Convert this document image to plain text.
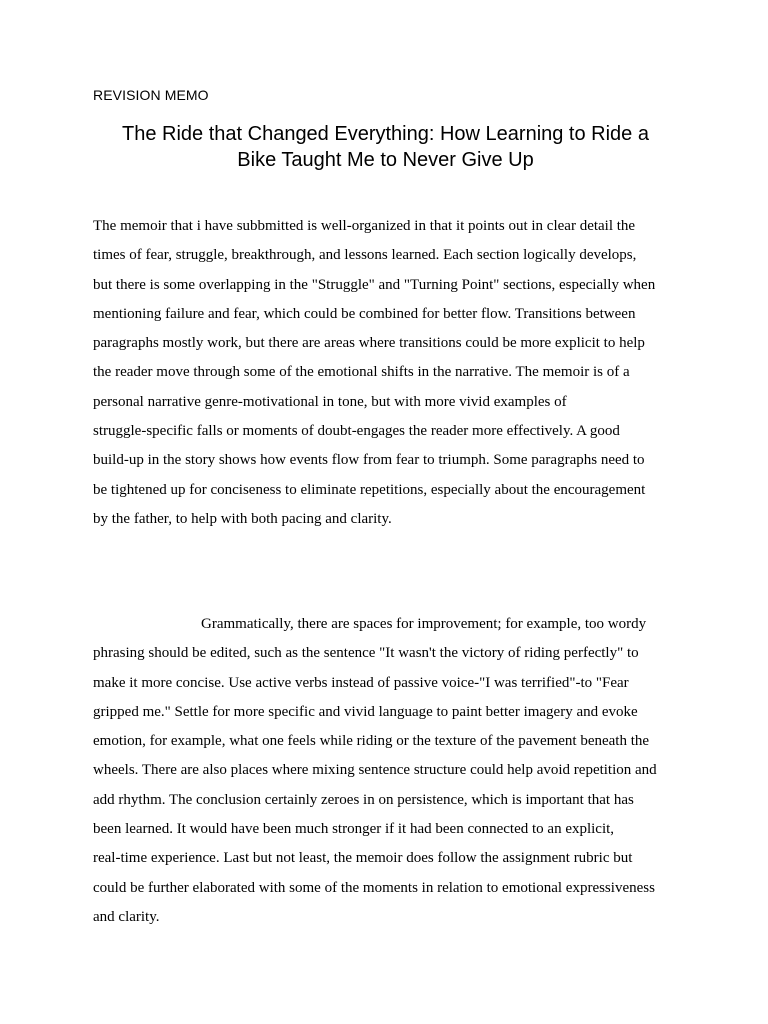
REVISION MEMO
The Ride that Changed Everything: How Learning to Ride a
Bike Taught Me to Never Give Up

The memoir that i have subbmitted is well-organized in that it points out in clear detail the
times of fear, struggle, breakthrough, and lessons learned. Each section logically develops,
but there is some overlapping in the "Struggle" and "Turning Point" sections, especially when
mentioning failure and fear, which could be combined for better flow. Transitions between
paragraphs mostly work, but there are areas where transitions could be more explicit to help
the reader move through some of the emotional shifts in the narrative. The memoir is of a
personal narrative genre-motivational in tone, but with more vivid examples of
struggle-specific falls or moments of doubt-engages the reader more effectively. A good
build-up in the story shows how events flow from fear to triumph. Some paragraphs need to
be tightened up for conciseness to eliminate repetitions, especially about the encouragement
by the father, to help with both pacing and clarity.

Grammatically, there are spaces for improvement; for example, too wordy
phrasing should be edited, such as the sentence "It wasn't the victory of riding perfectly" to
make it more concise. Use active verbs instead of passive voice-"I was terrified"-to "Fear
gripped me." Settle for more specific and vivid language to paint better imagery and evoke
emotion, for example, what one feels while riding or the texture of the pavement beneath the
wheels. There are also places where mixing sentence structure could help avoid repetition and
add rhythm. The conclusion certainly zeroes in on persistence, which is important that has
been learned. It would have been much stronger if it had been connected to an explicit,
real-time experience. Last but not least, the memoir does follow the assignment rubric but
could be further elaborated with some of the moments in relation to emotional expressiveness
and clarity.
